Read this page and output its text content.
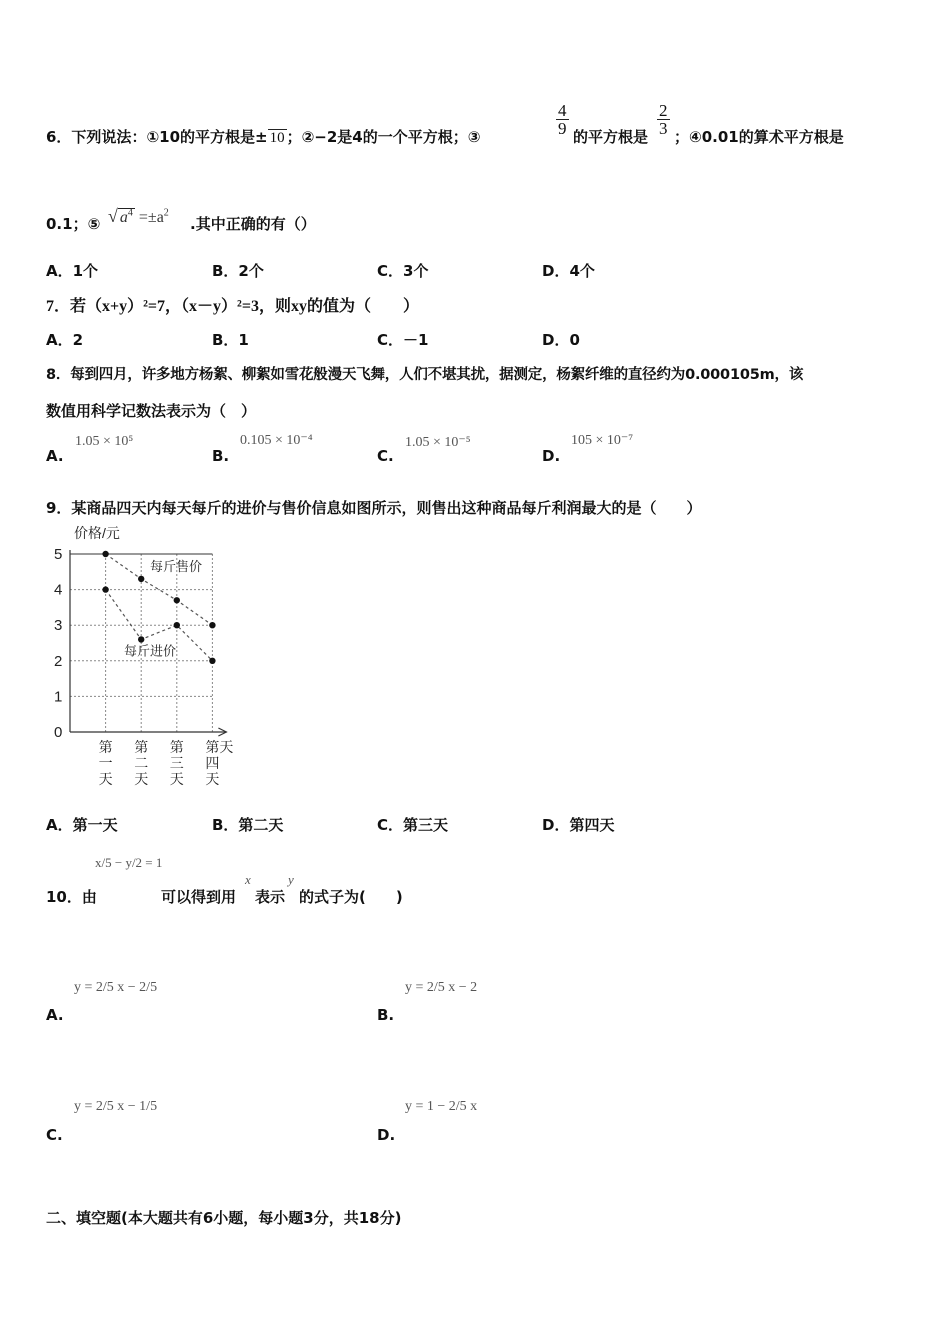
6．下列说法：①10的平方根是± 10 ；②−2是4的一个平方根；③	$\frac{4}{9}$ 的平方根是 $\frac{2}{3}$ ；④0.01的算术平方根是
0.1；⑤ √ $a^4 =\pm a^2$
.其中正确的有（）
A．1个	B．2个	C．3个	D．4个
7．若（x+y）²=7，（x－y）²=3，则xy的值为（　　）
A．2	B．1	C．－1	D．0
8．每到四月，许多地方杨絮、柳絮如雪花般漫天飞舞，人们不堪其扰，据测定，杨絮纤维的直径约为0.000105m，该
数值用科学记数法表示为（　）
A.
1.05 × 10⁵
B.
0.105 × 10⁻⁴
C.
1.05 × 10⁻⁵
D.
105 × 10⁻⁷
9．某商品四天内每天每斤的进价与售价信息如图所示，则售出这种商品每斤利润最大的是（　　）
价格/元
0
1
2
3
4
5
第
一
天
第
二
天
第
三
天
第天
四
天
每斤售价
每斤进价
A．第一天	B．第二天	C．第三天	D．第四天
x/5 − y/2 = 1
10．由	可以得到用
x
表示
y
的式子为(　　)
y = 2/5 x − 2/5
A.
y = 2/5 x − 2
B.
y = 2/5 x − 1/5
C.
y = 1 − 2/5 x
D.
二、填空题(本大题共有6小题，每小题3分，共18分)
